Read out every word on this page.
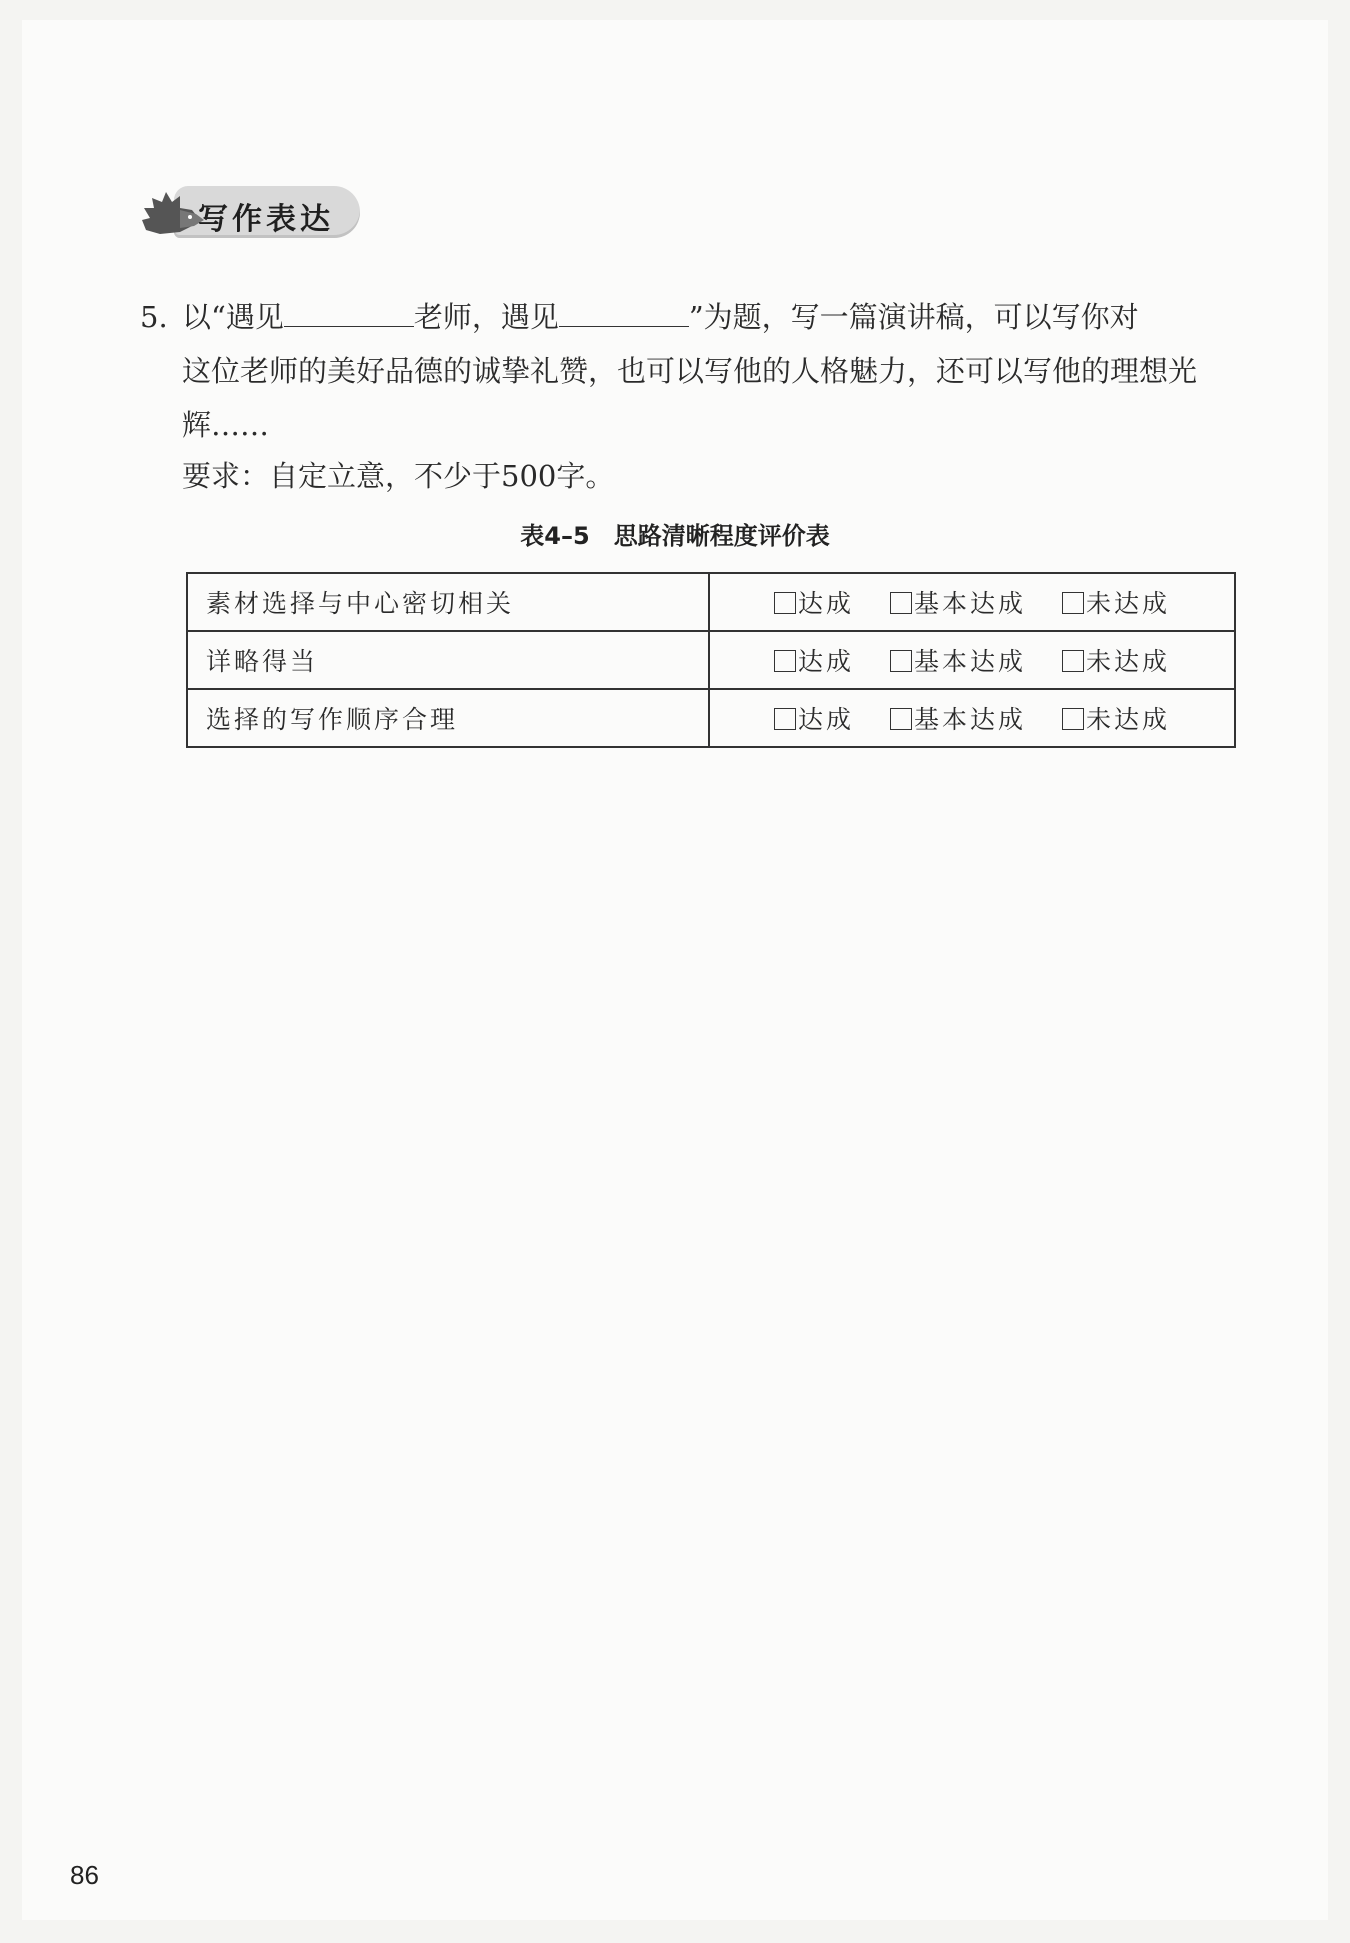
写作表达
5. 以“遇见	老师，遇见	”为题，写一篇演讲稿，可以写你对
这位老师的美好品德的诚挚礼赞，也可以写他的人格魅力，还可以写他的理想光辉……
要求：自定立意，不少于500字。
表4–5　思路清晰程度评价表
素材选择与中心密切相关	达成 基本达成 未达成
详略得当	达成 基本达成 未达成
选择的写作顺序合理	达成 基本达成 未达成
86
